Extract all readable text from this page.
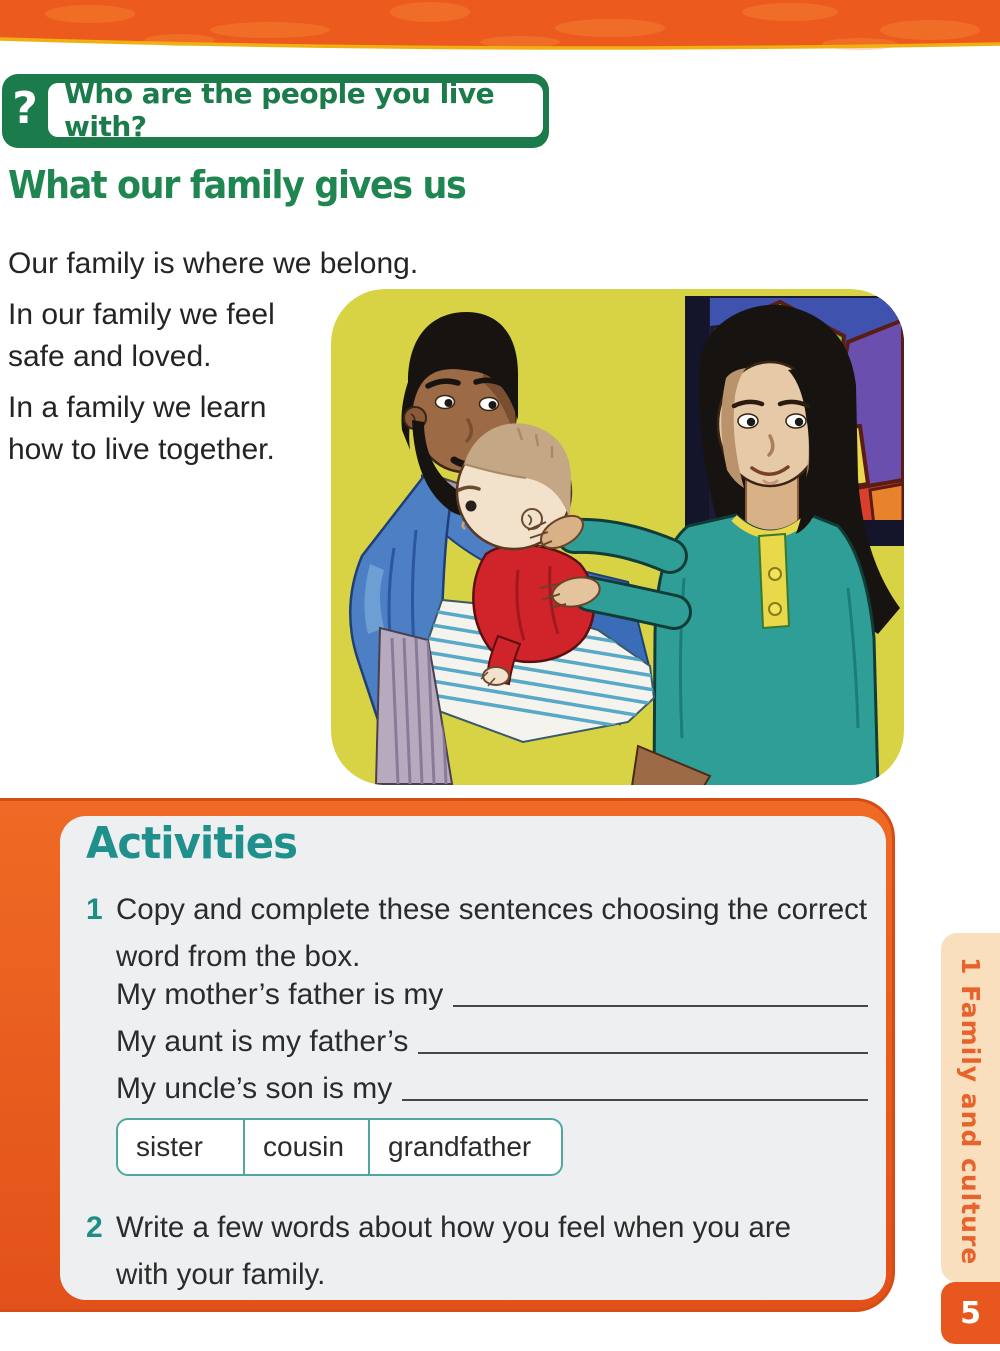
? Who are the people you live with?
What our family gives us
Our family is where we belong.
In our family we feel
safe and loved.
In a family we learn
how to live together.
Activities
1 Copy and complete these sentences choosing the correct word from the box.
My mother’s father is my
My aunt is my father’s
My uncle’s son is my
sister	cousin	grandfather
2 Write a few words about how you feel when you are with your family.
1 Family and culture
5
